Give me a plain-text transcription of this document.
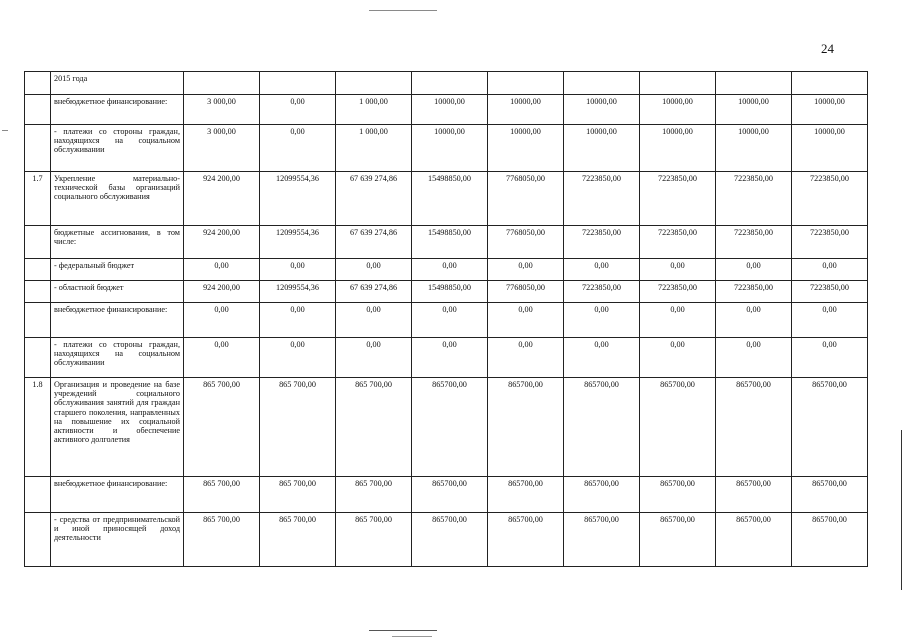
24
	2015 года									
	внебюджетное финансирование:	3 000,00	0,00	1 000,00	10000,00	10000,00	10000,00	10000,00	10000,00	10000,00
	- платежи со стороны граждан, находящихся на социальном обслуживании	3 000,00	0,00	1 000,00	10000,00	10000,00	10000,00	10000,00	10000,00	10000,00
1.7	Укрепление материально-технической базы организаций социального обслуживания	924 200,00	12099554,36	67 639 274,86	15498850,00	7768050,00	7223850,00	7223850,00	7223850,00	7223850,00
	бюджетные ассигнования, в том числе:	924 200,00	12099554,36	67 639 274,86	15498850,00	7768050,00	7223850,00	7223850,00	7223850,00	7223850,00
	- федеральный бюджет	0,00	0,00	0,00	0,00	0,00	0,00	0,00	0,00	0,00
	- областной бюджет	924 200,00	12099554,36	67 639 274,86	15498850,00	7768050,00	7223850,00	7223850,00	7223850,00	7223850,00
	внебюджетное финансирование:	0,00	0,00	0,00	0,00	0,00	0,00	0,00	0,00	0,00
	- платежи со стороны граждан, находящихся на социальном обслуживании	0,00	0,00	0,00	0,00	0,00	0,00	0,00	0,00	0,00
1.8	Организация и проведение на базе учреждений социального обслуживания занятий для граждан старшего поколения, направленных на повышение их социальной активности и обеспечение активного долголетия	865 700,00	865 700,00	865 700,00	865700,00	865700,00	865700,00	865700,00	865700,00	865700,00
	внебюджетное финансирование:	865 700,00	865 700,00	865 700,00	865700,00	865700,00	865700,00	865700,00	865700,00	865700,00
	- средства от предпринимательской и иной приносящей доход деятельности	865 700,00	865 700,00	865 700,00	865700,00	865700,00	865700,00	865700,00	865700,00	865700,00
